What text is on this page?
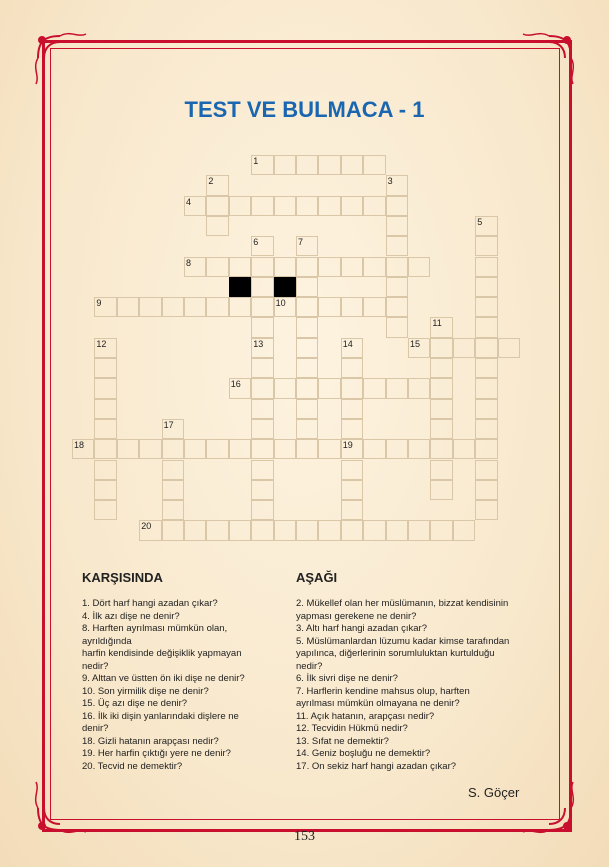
TEST VE BULMACA - 1
1
2	3
4
5
6	7
8
9	10
11
12	13	14	15
16
17
18	19
20
KARŞISINDA
1. Dört harf hangi azadan çıkar?
4. İlk azı dişe ne denir?
8. Harften ayrılması mümkün olan,
ayrıldığında
harfin kendisinde değişiklik yapmayan
nedir?
9. Alttan ve üstten ön iki dişe ne denir?
10. Son yirmilik dişe ne denir?
15. Üç azı dişe ne denir?
16. İlk iki dişin yanlarındaki dişlere ne
denir?
18. Gizli hatanın arapçası nedir?
19. Her harfin çıktığı yere ne denir?
20. Tecvid ne demektir?
AŞAĞI
2. Mükellef olan her müslümanın, bizzat kendisinin
yapması gerekene ne denir?
3. Altı harf hangi azadan çıkar?
5. Müslümanlardan lüzumu kadar kimse tarafından
yapılınca, diğerlerinin sorumluluktan kurtulduğu
nedir?
6. İlk sivri dişe ne denir?
7. Harflerin kendine mahsus olup, harften
ayrılması mümkün olmayana ne denir?
11. Açık hatanın, arapçası nedir?
12. Tecvidin Hükmü nedir?
13. Sıfat ne demektir?
14. Geniz boşluğu ne demektir?
17. On sekiz harf hangi azadan çıkar?
S. Göçer
153
